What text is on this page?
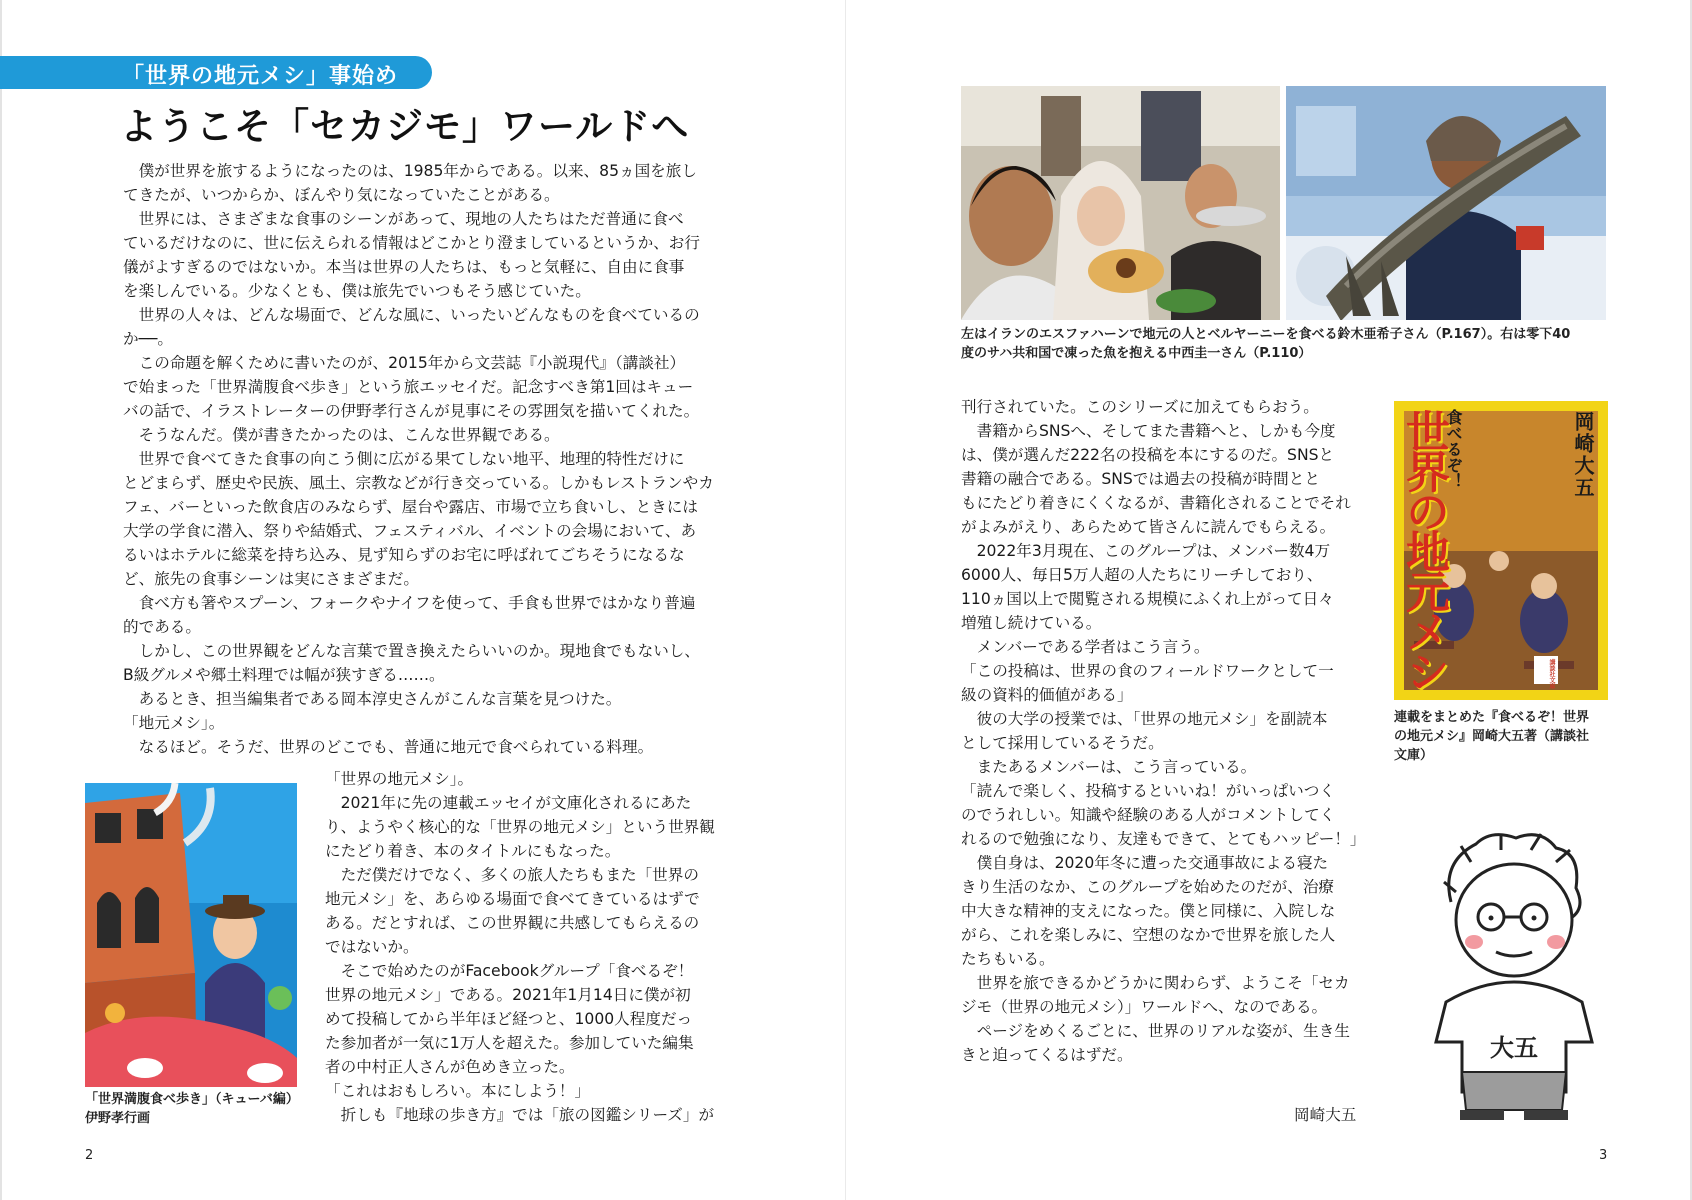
「世界の地元メシ」事始め
ようこそ「セカジモ」ワールドへ

僕が世界を旅するようになったのは、1985年からである。以来、85ヵ国を旅し

てきたが、いつからか、ぼんやり気になっていたことがある。

世界には、さまざまな食事のシーンがあって、現地の人たちはただ普通に食べ

ているだけなのに、世に伝えられる情報はどこかとり澄ましているというか、お行

儀がよすぎるのではないか。本当は世界の人たちは、もっと気軽に、自由に食事

を楽しんでいる。少なくとも、僕は旅先でいつもそう感じていた。

世界の人々は、どんな場面で、どんな風に、いったいどんなものを食べているの

か──。

この命題を解くために書いたのが、2015年から文芸誌『小説現代』（講談社）

で始まった「世界満腹食べ歩き」という旅エッセイだ。記念すべき第1回はキュー

バの話で、イラストレーターの伊野孝行さんが見事にその雰囲気を描いてくれた。

そうなんだ。僕が書きたかったのは、こんな世界観である。

世界で食べてきた食事の向こう側に広がる果てしない地平、地理的特性だけに

とどまらず、歴史や民族、風土、宗教などが行き交っている。しかもレストランやカ

フェ、バーといった飲食店のみならず、屋台や露店、市場で立ち食いし、ときには

大学の学食に潜入、祭りや結婚式、フェスティバル、イベントの会場において、あ

るいはホテルに総菜を持ち込み、見ず知らずのお宅に呼ばれてごちそうになるな

ど、旅先の食事シーンは実にさまざまだ。

食べ方も箸やスプーン、フォークやナイフを使って、手食も世界ではかなり普遍

的である。

しかし、この世界観をどんな言葉で置き換えたらいいのか。現地食でもないし、

B級グルメや郷土料理では幅が狭すぎる……。

あるとき、担当編集者である岡本淳史さんがこんな言葉を見つけた。

「地元メシ」。

なるほど。そうだ、世界のどこでも、普通に地元で食べられている料理。

「世界満腹食べ歩き」（キューバ編）
伊野孝行画

「世界の地元メシ」。

2021年に先の連載エッセイが文庫化されるにあた

り、ようやく核心的な「世界の地元メシ」という世界観

にたどり着き、本のタイトルにもなった。

ただ僕だけでなく、多くの旅人たちもまた「世界の

地元メシ」を、あらゆる場面で食べてきているはずで

ある。だとすれば、この世界観に共感してもらえるの

ではないか。

そこで始めたのがFacebookグループ「食べるぞ！

世界の地元メシ」である。2021年1月14日に僕が初

めて投稿してから半年ほど経つと、1000人程度だっ

た参加者が一気に1万人を超えた。参加していた編集

者の中村正人さんが色めき立った。

「これはおもしろい。本にしよう！」

折しも『地球の歩き方』では「旅の図鑑シリーズ」が

2
左はイランのエスファハーンで地元の人とベルヤーニーを食べる鈴木亜希子さん（P.167）。右は零下40
度のサハ共和国で凍った魚を抱える中西圭一さん（P.110）

刊行されていた。このシリーズに加えてもらおう。

書籍からSNSへ、そしてまた書籍へと、しかも今度

は、僕が選んだ222名の投稿を本にするのだ。SNSと

書籍の融合である。SNSでは過去の投稿が時間とと

もにたどり着きにくくなるが、書籍化されることでそれ

がよみがえり、あらためて皆さんに読んでもらえる。

2022年3月現在、このグループは、メンバー数4万

6000人、毎日5万人超の人たちにリーチしており、

110ヵ国以上で閲覧される規模にふくれ上がって日々

増殖し続けている。

メンバーである学者はこう言う。

「この投稿は、世界の食のフィールドワークとして一

級の資料的価値がある」

彼の大学の授業では、「世界の地元メシ」を副読本

として採用しているそうだ。

またあるメンバーは、こう言っている。

「読んで楽しく、投稿するといいね！がいっぱいつく

のでうれしい。知識や経験のある人がコメントしてく

れるので勉強になり、友達もできて、とてもハッピー！」

僕自身は、2020年冬に遭った交通事故による寝た

きり生活のなか、このグループを始めたのだが、治療

中大きな精神的支えになった。僕と同様に、入院しな

がら、これを楽しみに、空想のなかで世界を旅した人

たちもいる。

世界を旅できるかどうかに関わらず、ようこそ「セカ

ジモ（世界の地元メシ）」ワールドへ、なのである。

ページをめくるごとに、世界のリアルな姿が、生き生

きと迫ってくるはずだ。

岡崎大五
食べるぞ！
世界の地元メシ	講談社文庫
連載をまとめた『食べるぞ！世界
の地元メシ』岡崎大五著（講談社
文庫）
大五
岡崎大五
3
